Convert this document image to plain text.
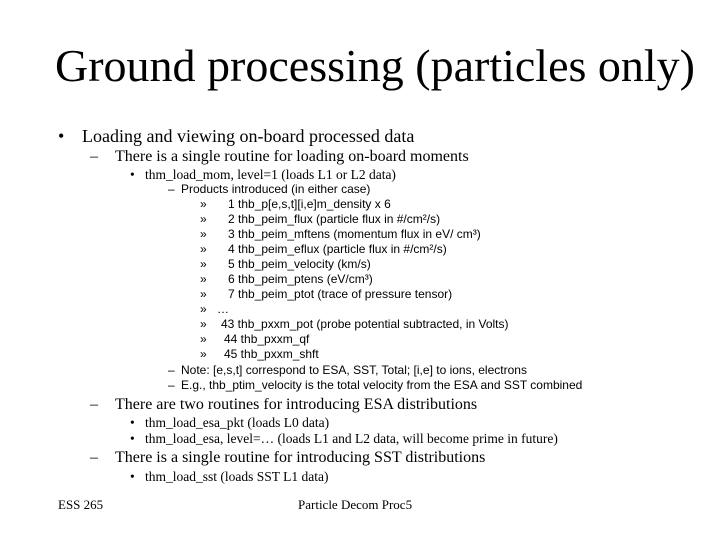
Ground processing (particles only)
• Loading and viewing on-board processed data
– There is a single routine for loading on-board moments
• thm_load_mom, level=1 (loads L1 or L2 data)
– Products introduced (in either case)
» 1 thb_p[e,s,t][i,e]m_density x 6
» 2 thb_peim_flux (particle flux in #/cm²/s)
» 3 thb_peim_mftens (momentum flux in eV/ cm³)
» 4 thb_peim_eflux (particle flux in #/cm²/s)
» 5 thb_peim_velocity (km/s)
» 6 thb_peim_ptens (eV/cm³)
» 7 thb_peim_ptot (trace of pressure tensor)
» …
» 43 thb_pxxm_pot (probe potential subtracted, in Volts)
» 44 thb_pxxm_qf
» 45 thb_pxxm_shft
– Note: [e,s,t] correspond to ESA, SST, Total; [i,e] to ions, electrons
– E.g., thb_ptim_velocity is the total velocity from the ESA and SST combined
– There are two routines for introducing ESA distributions
• thm_load_esa_pkt (loads L0 data)
• thm_load_esa, level=… (loads L1 and L2 data, will become prime in future)
– There is a single routine for introducing SST distributions
• thm_load_sst (loads SST L1 data)
ESS 265	Particle Decom Proc5
